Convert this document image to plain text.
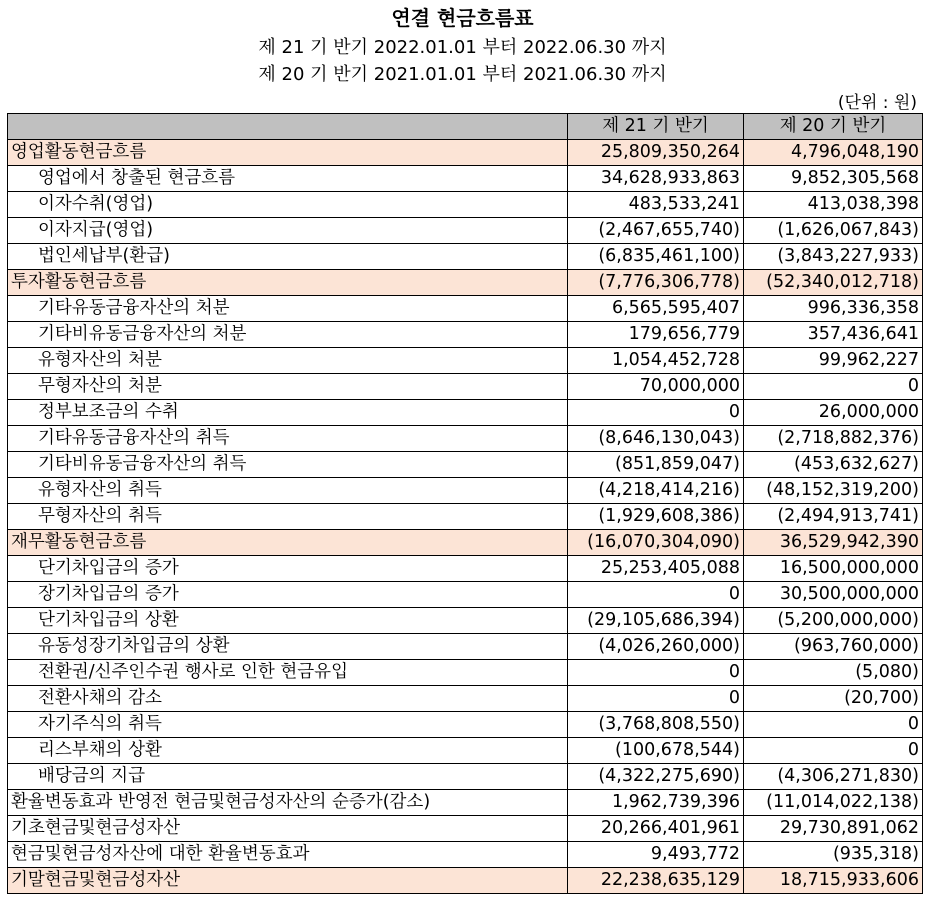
연결 현금흐름표
제 21 기 반기 2022.01.01 부터 2022.06.30 까지
제 20 기 반기 2021.01.01 부터 2021.06.30 까지
(단위 : 원)
	제 21 기 반기	제 20 기 반기
영업활동현금흐름	25,809,350,264	4,796,048,190
영업에서 창출된 현금흐름	34,628,933,863	9,852,305,568
이자수취(영업)	483,533,241	413,038,398
이자지급(영업)	(2,467,655,740)	(1,626,067,843)
법인세납부(환급)	(6,835,461,100)	(3,843,227,933)
투자활동현금흐름	(7,776,306,778)	(52,340,012,718)
기타유동금융자산의 처분	6,565,595,407	996,336,358
기타비유동금융자산의 처분	179,656,779	357,436,641
유형자산의 처분	1,054,452,728	99,962,227
무형자산의 처분	70,000,000	0
정부보조금의 수취	0	26,000,000
기타유동금융자산의 취득	(8,646,130,043)	(2,718,882,376)
기타비유동금융자산의 취득	(851,859,047)	(453,632,627)
유형자산의 취득	(4,218,414,216)	(48,152,319,200)
무형자산의 취득	(1,929,608,386)	(2,494,913,741)
재무활동현금흐름	(16,070,304,090)	36,529,942,390
단기차입금의 증가	25,253,405,088	16,500,000,000
장기차입금의 증가	0	30,500,000,000
단기차입금의 상환	(29,105,686,394)	(5,200,000,000)
유동성장기차입금의 상환	(4,026,260,000)	(963,760,000)
전환권/신주인수권 행사로 인한 현금유입	0	(5,080)
전환사채의 감소	0	(20,700)
자기주식의 취득	(3,768,808,550)	0
리스부채의 상환	(100,678,544)	0
배당금의 지급	(4,322,275,690)	(4,306,271,830)
환율변동효과 반영전 현금및현금성자산의 순증가(감소)	1,962,739,396	(11,014,022,138)
기초현금및현금성자산	20,266,401,961	29,730,891,062
현금및현금성자산에 대한 환율변동효과	9,493,772	(935,318)
기말현금및현금성자산	22,238,635,129	18,715,933,606
